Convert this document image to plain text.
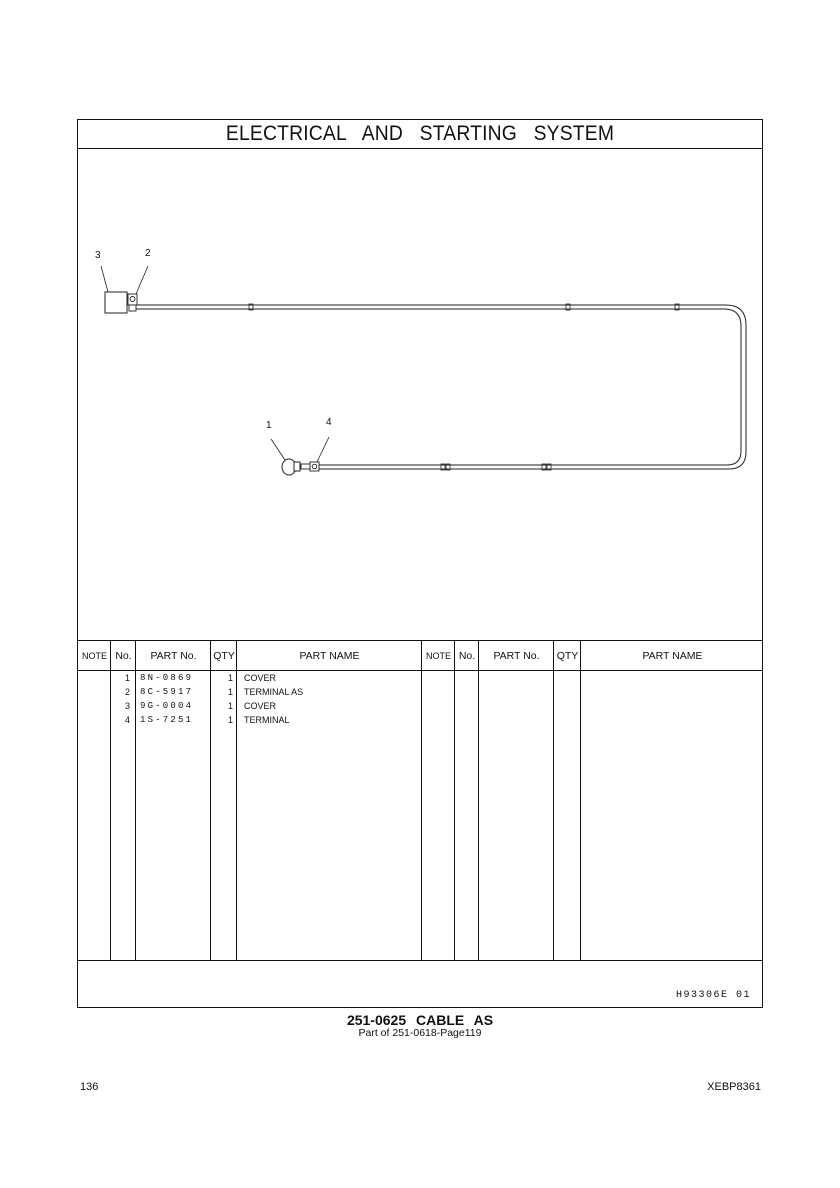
ELECTRICAL AND STARTING SYSTEM
3	2
1	4
NOTE No.	PART No.	QTY	PART NAME	NOTE No.	PART No.	QTY	PART NAME
1 8N-0869	1 COVER
2 8C-5917	1 TERMINAL AS
3 9G-0004	1 COVER
4 1S-7251	1 TERMINAL
H93306E 01
251-0625 CABLE AS
Part of 251-0618-Page119
136	XEBP8361
